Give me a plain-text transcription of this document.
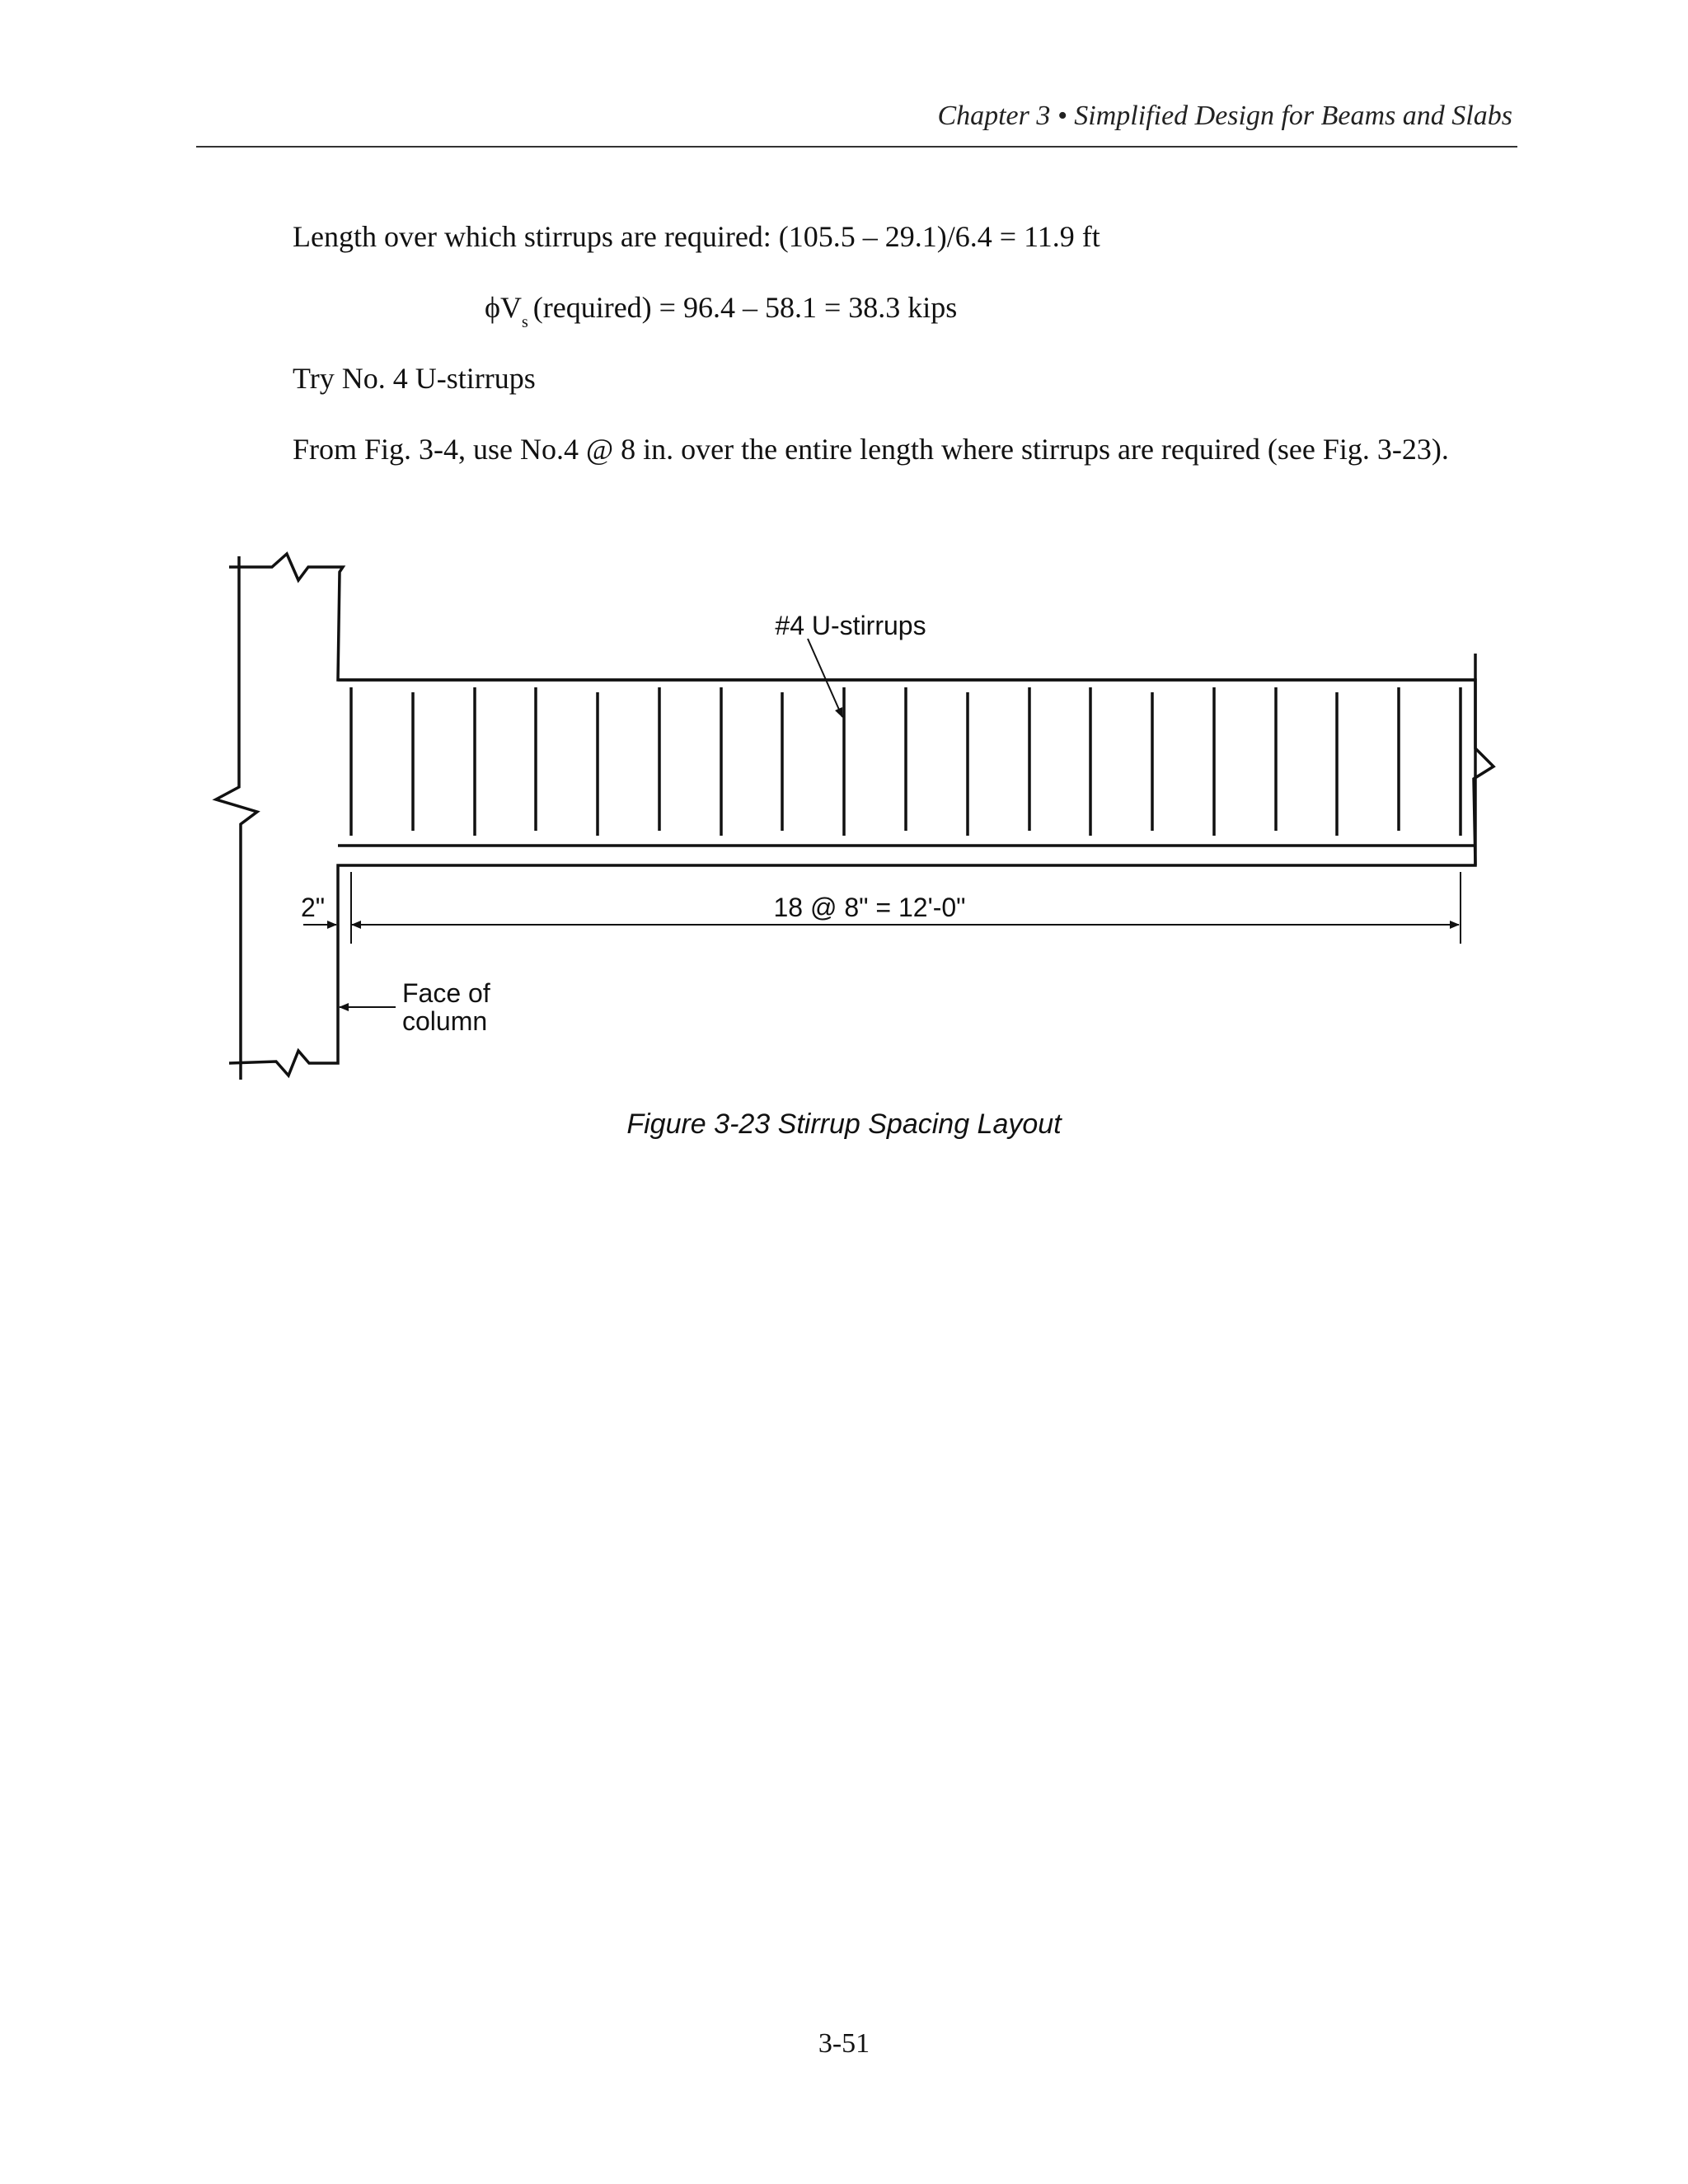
Chapter 3 • Simplified Design for Beams and Slabs
Length over which stirrups are required: (105.5 – 29.1)/6.4 = 11.9 ft
$\phi V_s$ (required) = 96.4 – 58.1 = 38.3 kips
Try No. 4 U-stirrups
From Fig. 3-4, use No.4 @ 8 in. over the entire length where stirrups are required (see Fig. 3-23).
#4 U-stirrups
2"	18 @ 8" = 12'-0"
Face of
column
Figure 3-23 Stirrup Spacing Layout
3-51
